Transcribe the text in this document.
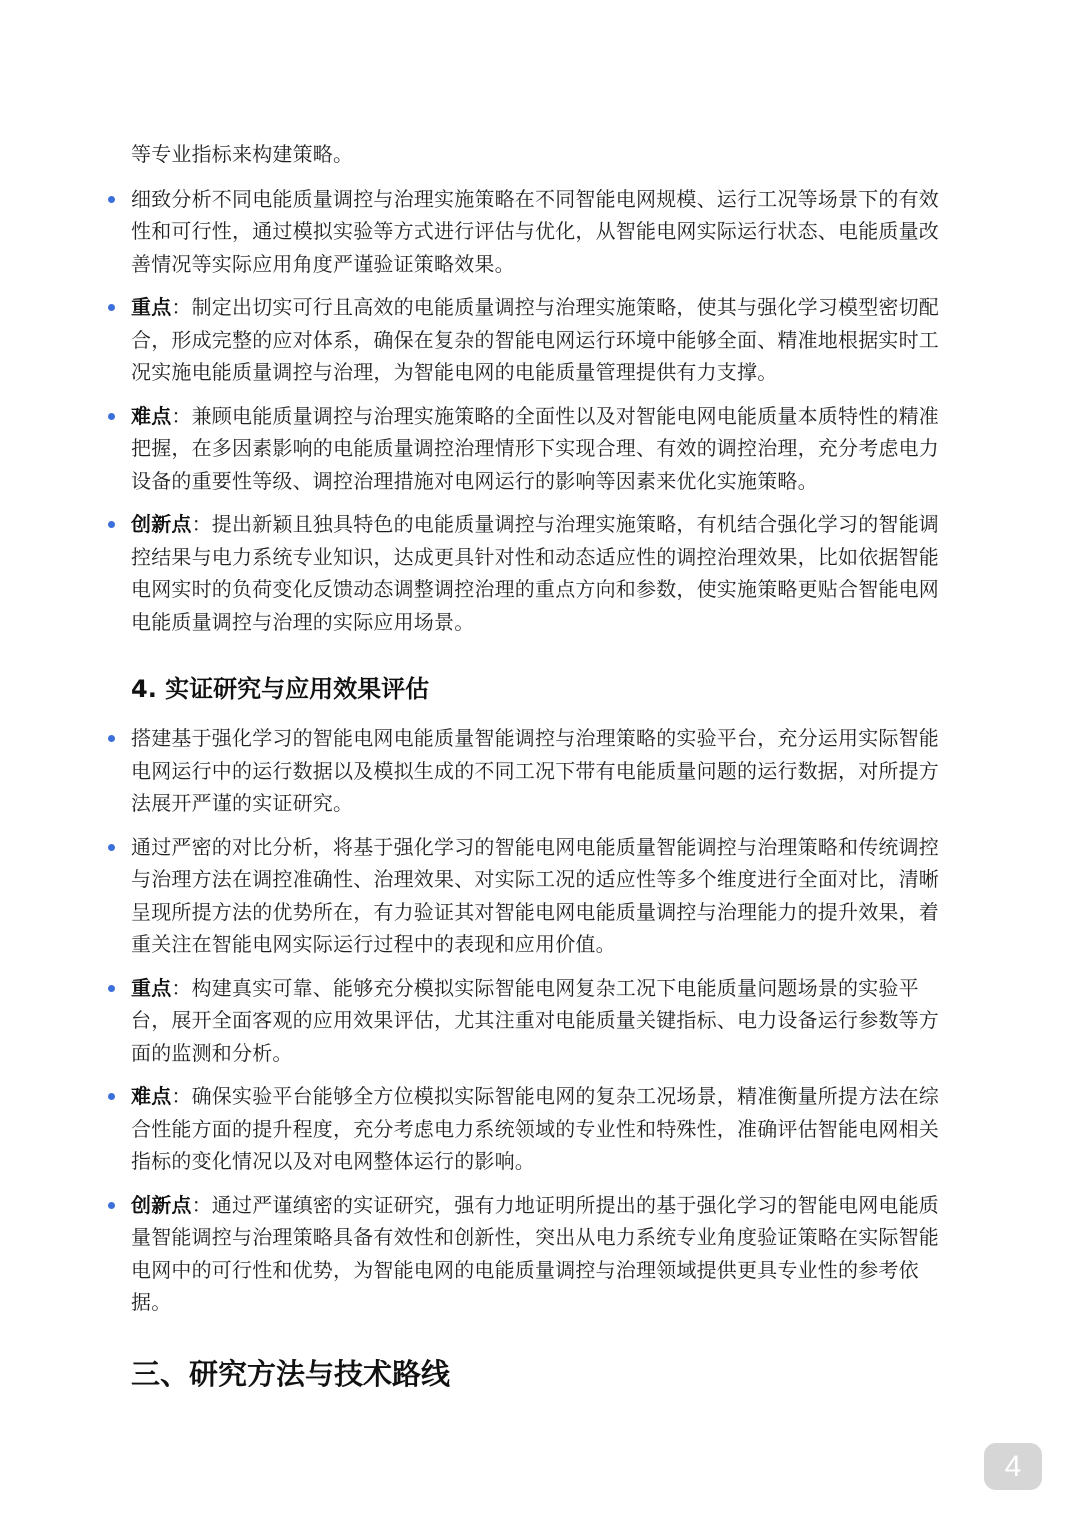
等专业指标来构建策略。

细致分析不同电能质量调控与治理实施策略在不同智能电网规模、运行工况等场景下的有效性和可行性，通过模拟实验等方式进行评估与优化，从智能电网实际运行状态、电能质量改善情况等实际应用角度严谨验证策略效果。
重点：制定出切实可行且高效的电能质量调控与治理实施策略，使其与强化学习模型密切配合，形成完整的应对体系，确保在复杂的智能电网运行环境中能够全面、精准地根据实时工况实施电能质量调控与治理，为智能电网的电能质量管理提供有力支撑。
难点：兼顾电能质量调控与治理实施策略的全面性以及对智能电网电能质量本质特性的精准把握，在多因素影响的电能质量调控治理情形下实现合理、有效的调控治理，充分考虑电力设备的重要性等级、调控治理措施对电网运行的影响等因素来优化实施策略。
创新点：提出新颖且独具特色的电能质量调控与治理实施策略，有机结合强化学习的智能调控结果与电力系统专业知识，达成更具针对性和动态适应性的调控治理效果，比如依据智能电网实时的负荷变化反馈动态调整调控治理的重点方向和参数，使实施策略更贴合智能电网电能质量调控与治理的实际应用场景。
4. 实证研究与应用效果评估
搭建基于强化学习的智能电网电能质量智能调控与治理策略的实验平台，充分运用实际智能电网运行中的运行数据以及模拟生成的不同工况下带有电能质量问题的运行数据，对所提方法展开严谨的实证研究。
通过严密的对比分析，将基于强化学习的智能电网电能质量智能调控与治理策略和传统调控与治理方法在调控准确性、治理效果、对实际工况的适应性等多个维度进行全面对比，清晰呈现所提方法的优势所在，有力验证其对智能电网电能质量调控与治理能力的提升效果，着重关注在智能电网实际运行过程中的表现和应用价值。
重点：构建真实可靠、能够充分模拟实际智能电网复杂工况下电能质量问题场景的实验平台，展开全面客观的应用效果评估，尤其注重对电能质量关键指标、电力设备运行参数等方面的监测和分析。
难点：确保实验平台能够全方位模拟实际智能电网的复杂工况场景，精准衡量所提方法在综合性能方面的提升程度，充分考虑电力系统领域的专业性和特殊性，准确评估智能电网相关指标的变化情况以及对电网整体运行的影响。
创新点：通过严谨缜密的实证研究，强有力地证明所提出的基于强化学习的智能电网电能质量智能调控与治理策略具备有效性和创新性，突出从电力系统专业角度验证策略在实际智能电网中的可行性和优势，为智能电网的电能质量调控与治理领域提供更具专业性的参考依据。
三、研究方法与技术路线
4
